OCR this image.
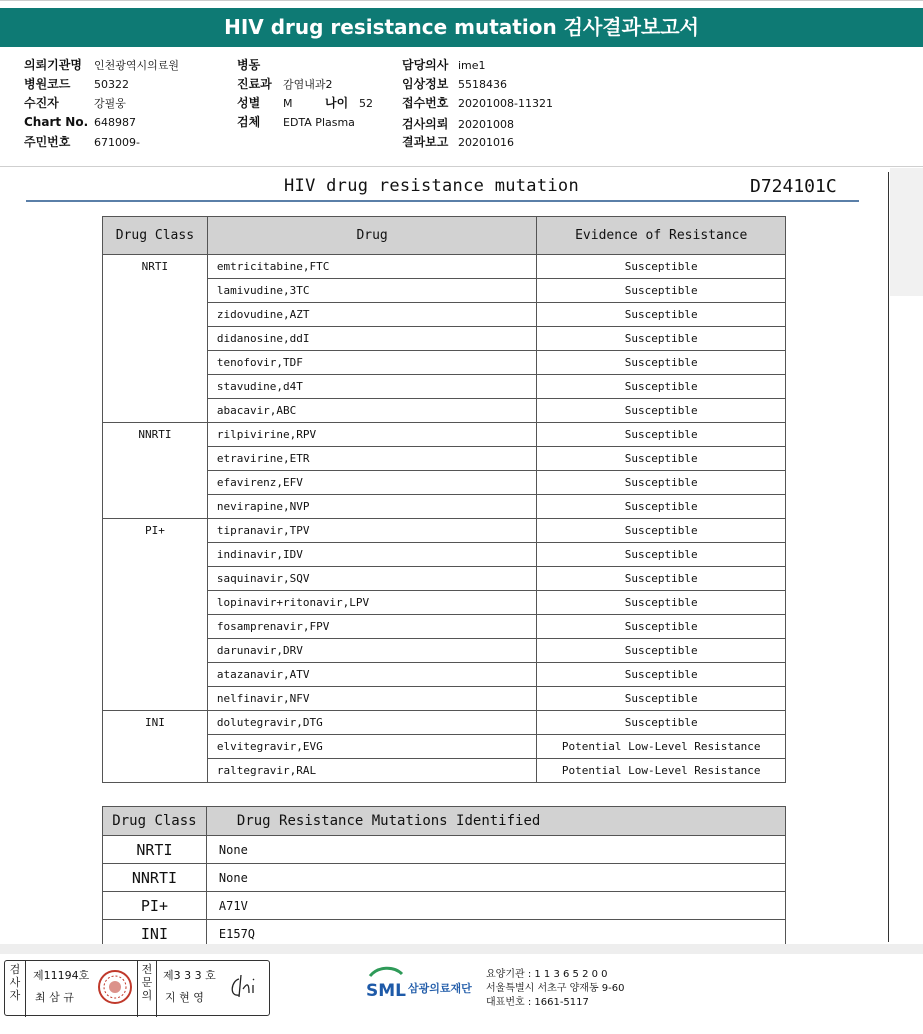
HIV drug resistance mutation 검사결과보고서
의뢰기관명 인천광역시의료원
병원코드 50322
수진자	강필웅
Chart No. 648987
주민번호 671009-
병동
진료과 감염내과2
성별 M	나이 52
검체 EDTA Plasma
담당의사 ime1
임상정보 5518436
접수번호 20201008-11321
검사의뢰 20201008
결과보고 20201016
HIV drug resistance mutation	D724101C
Drug Class	Drug	Evidence of Resistance
NRTI	emtricitabine,FTC	Susceptible
	lamivudine,3TC	Susceptible
	zidovudine,AZT	Susceptible
	didanosine,ddI	Susceptible
	tenofovir,TDF	Susceptible
	stavudine,d4T	Susceptible
	abacavir,ABC	Susceptible
NNRTI	rilpivirine,RPV	Susceptible
	etravirine,ETR	Susceptible
	efavirenz,EFV	Susceptible
	nevirapine,NVP	Susceptible
PI+	tipranavir,TPV	Susceptible
	indinavir,IDV	Susceptible
	saquinavir,SQV	Susceptible
	lopinavir+ritonavir,LPV	Susceptible
	fosamprenavir,FPV	Susceptible
	darunavir,DRV	Susceptible
	atazanavir,ATV	Susceptible
	nelfinavir,NFV	Susceptible
INI	dolutegravir,DTG	Susceptible
	elvitegravir,EVG	Potential Low-Level Resistance
	raltegravir,RAL	Potential Low-Level Resistance
Drug Class	Drug Resistance Mutations Identified
NRTI	None
NNRTI	None
PI+	A71V
INI	E157Q
검사자
제11194호
최 삼 규
전문의
제3 3 3 호
지 현 영	SML 삼광의료재단
요양기관 : 1 1 3 6 5 2 0 0
서울특별시 서초구 양재동 9-60
대표번호 : 1661-5117
